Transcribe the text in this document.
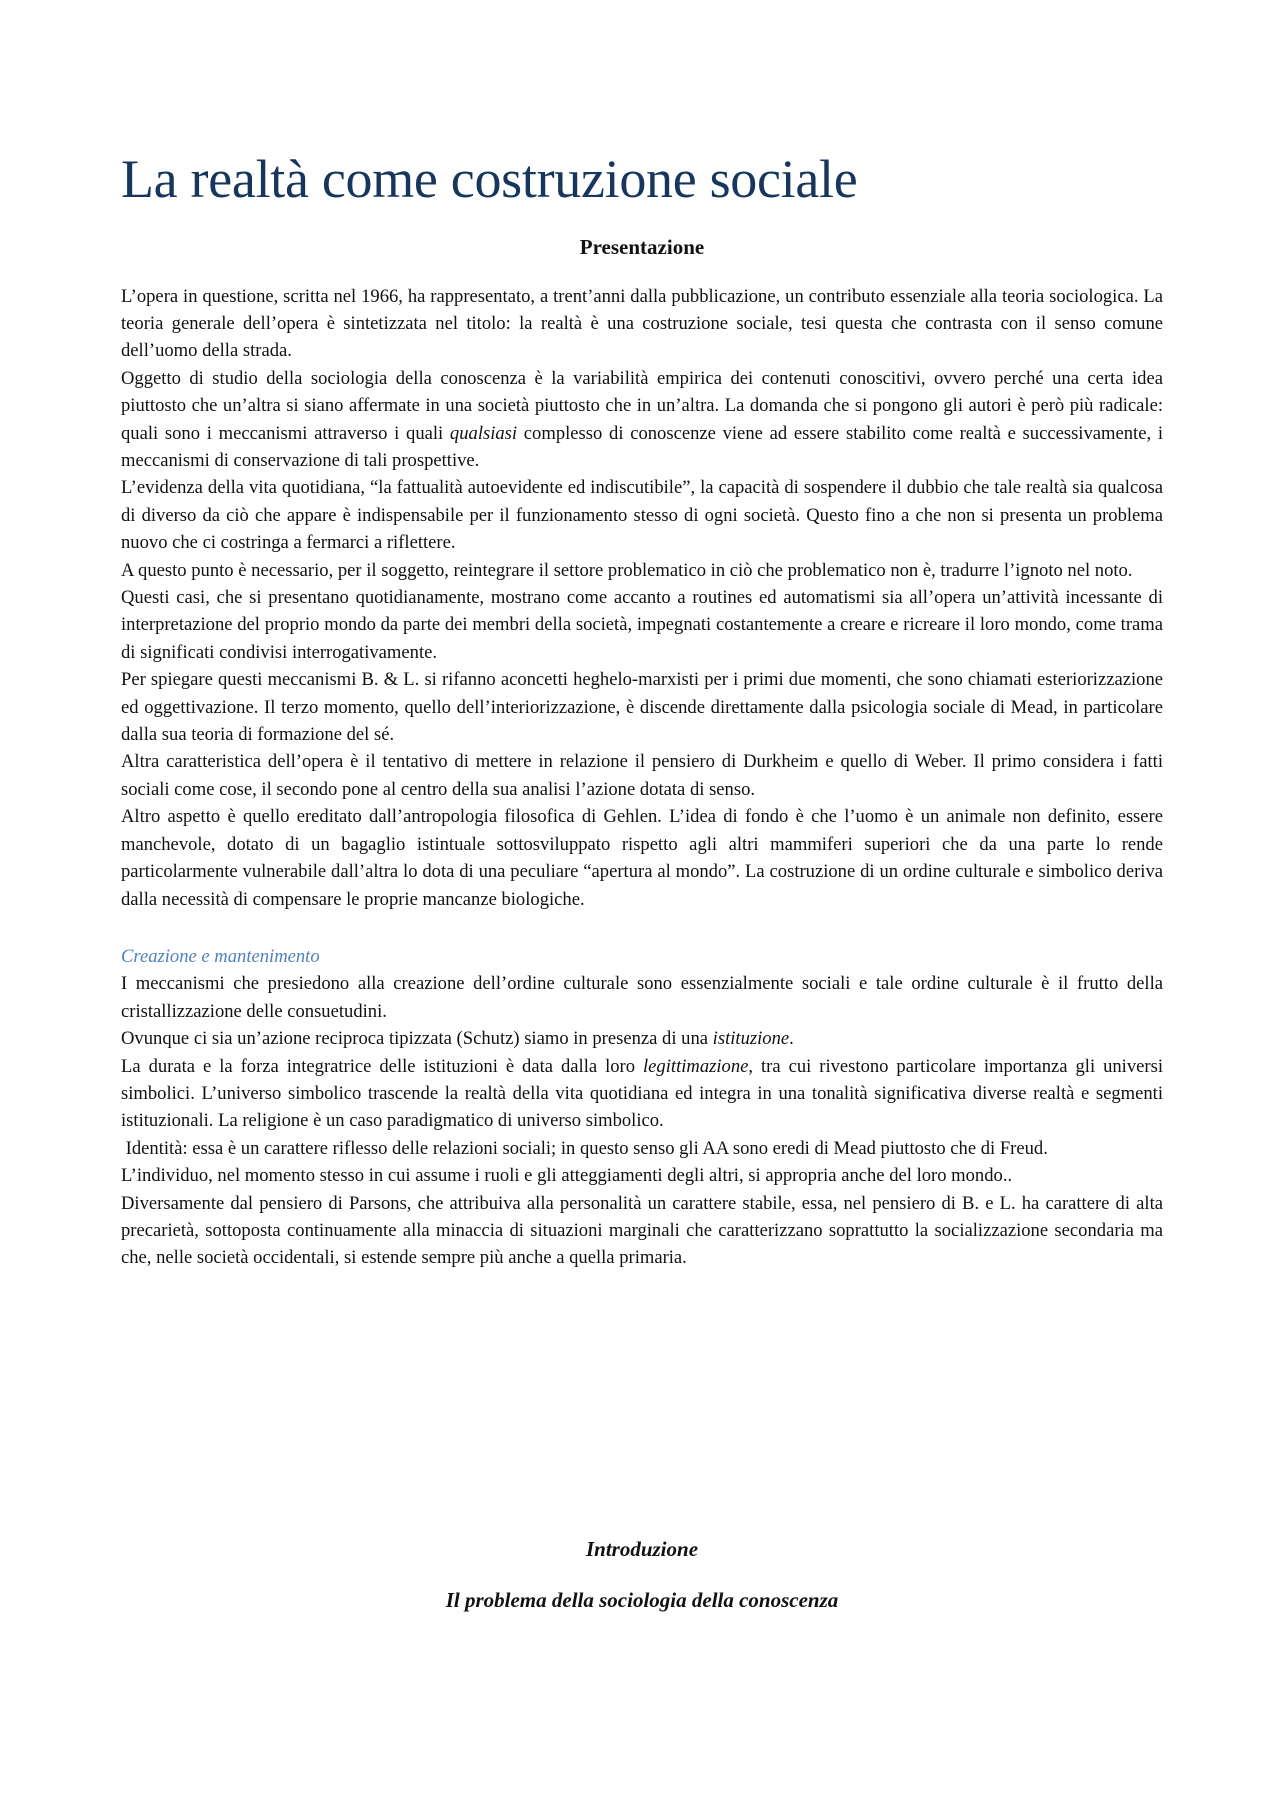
La realtà come costruzione sociale
Presentazione

L’opera in questione, scritta nel 1966, ha rappresentato, a trent’anni dalla pubblicazione, un contributo essenziale alla teoria sociologica. La teoria generale dell’opera è sintetizzata nel titolo: la realtà è una costruzione sociale, tesi questa che contrasta con il senso comune dell’uomo della strada.

Oggetto di studio della sociologia della conoscenza è la variabilità empirica dei contenuti conoscitivi, ovvero perché una certa idea piuttosto che un’altra si siano affermate in una società piuttosto che in un’altra. La domanda che si pongono gli autori è però più radicale: quali sono i meccanismi attraverso i quali qualsiasi complesso di conoscenze viene ad essere stabilito come realtà e successivamente, i meccanismi di conservazione di tali prospettive.

L’evidenza della vita quotidiana, “la fattualità autoevidente ed indiscutibile”, la capacità di sospendere il dubbio che tale realtà sia qualcosa di diverso da ciò che appare è indispensabile per il funzionamento stesso di ogni società. Questo fino a che non si presenta un problema nuovo che ci costringa a fermarci a riflettere.

A questo punto è necessario, per il soggetto, reintegrare il settore problematico in ciò che problematico non è, tradurre l’ignoto nel noto.

Questi casi, che si presentano quotidianamente, mostrano come accanto a routines ed automatismi sia all’opera un’attività incessante di interpretazione del proprio mondo da parte dei membri della società, impegnati costantemente a creare e ricreare il loro mondo, come trama di significati condivisi interrogativamente.

Per spiegare questi meccanismi B. & L. si rifanno aconcetti heghelo-marxisti per i primi due momenti, che sono chiamati esteriorizzazione ed oggettivazione. Il terzo momento, quello dell’interiorizzazione, è discende direttamente dalla psicologia sociale di Mead, in particolare dalla sua teoria di formazione del sé.

Altra caratteristica dell’opera è il tentativo di mettere in relazione il pensiero di Durkheim e quello di Weber. Il primo considera i fatti sociali come cose, il secondo pone al centro della sua analisi l’azione dotata di senso.

Altro aspetto è quello ereditato dall’antropologia filosofica di Gehlen. L’idea di fondo è che l’uomo è un animale non definito, essere manchevole, dotato di un bagaglio istintuale sottosviluppato rispetto agli altri mammiferi superiori che da una parte lo rende particolarmente vulnerabile dall’altra lo dota di una peculiare “apertura al mondo”. La costruzione di un ordine culturale e simbolico deriva dalla necessità di compensare le proprie mancanze biologiche.

Creazione e mantenimento

I meccanismi che presiedono alla creazione dell’ordine culturale sono essenzialmente sociali e tale ordine culturale è il frutto della cristallizzazione delle consuetudini.

Ovunque ci sia un’azione reciproca tipizzata (Schutz) siamo in presenza di una istituzione.

La durata e la forza integratrice delle istituzioni è data dalla loro legittimazione, tra cui rivestono particolare importanza gli universi simbolici. L’universo simbolico trascende la realtà della vita quotidiana ed integra in una tonalità significativa diverse realtà e segmenti istituzionali. La religione è un caso paradigmatico di universo simbolico.

Identità: essa è un carattere riflesso delle relazioni sociali; in questo senso gli AA sono eredi di Mead piuttosto che di Freud.

L’individuo, nel momento stesso in cui assume i ruoli e gli atteggiamenti degli altri, si appropria anche del loro mondo..

Diversamente dal pensiero di Parsons, che attribuiva alla personalità un carattere stabile, essa, nel pensiero di B. e L. ha carattere di alta precarietà, sottoposta continuamente alla minaccia di situazioni marginali che caratterizzano soprattutto la socializzazione secondaria ma che, nelle società occidentali, si estende sempre più anche a quella primaria.

Introduzione
Il problema della sociologia della conoscenza
